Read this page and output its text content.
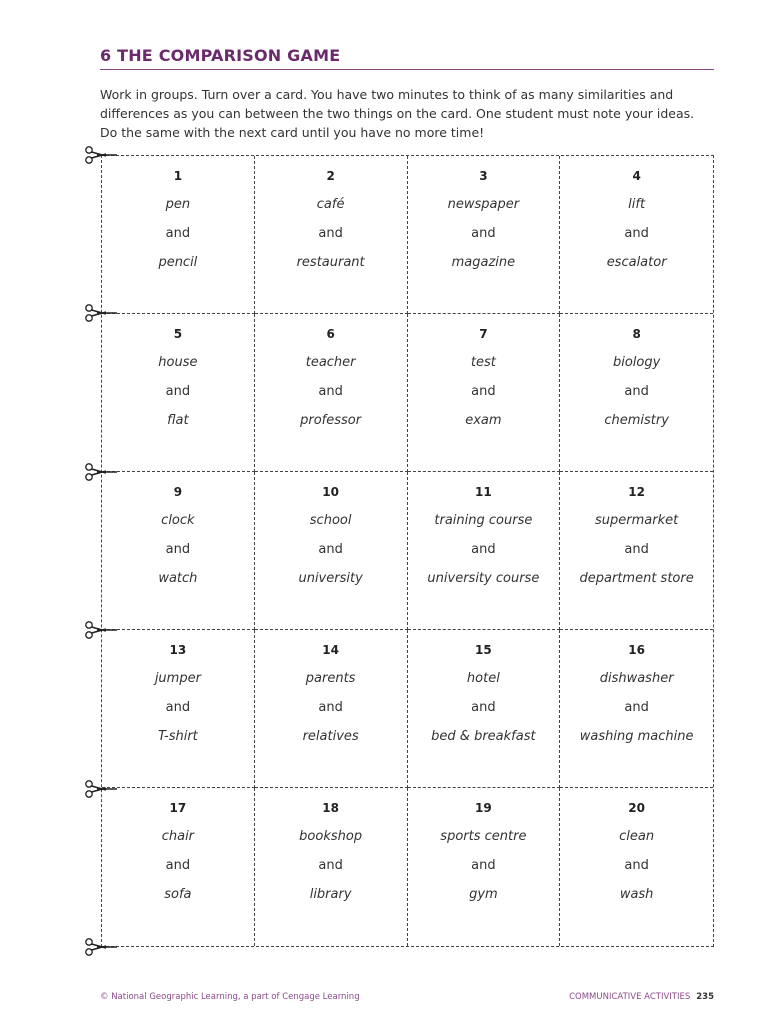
6 THE COMPARISON GAME
Work in groups. Turn over a card. You have two minutes to think of as many similarities and differences as you can between the two things on the card. One student must note your ideas. Do the same with the next card until you have no more time!
1
pen
and
pencil
2
café
and
restaurant
3
newspaper
and
magazine
4
lift
and
escalator
5
house
and
flat
6
teacher
and
professor
7
test
and
exam
8
biology
and
chemistry
9
clock
and
watch
10
school
and
university
11
training course
and
university course
12
supermarket
and
department store
13
jumper
and
T-shirt
14
parents
and
relatives
15
hotel
and
bed & breakfast
16
dishwasher
and
washing machine
17
chair
and
sofa
18
bookshop
and
library
19
sports centre
and
gym
20
clean
and
wash
© National Geographic Learning, a part of Cengage Learning	COMMUNICATIVE ACTIVITIES 235
